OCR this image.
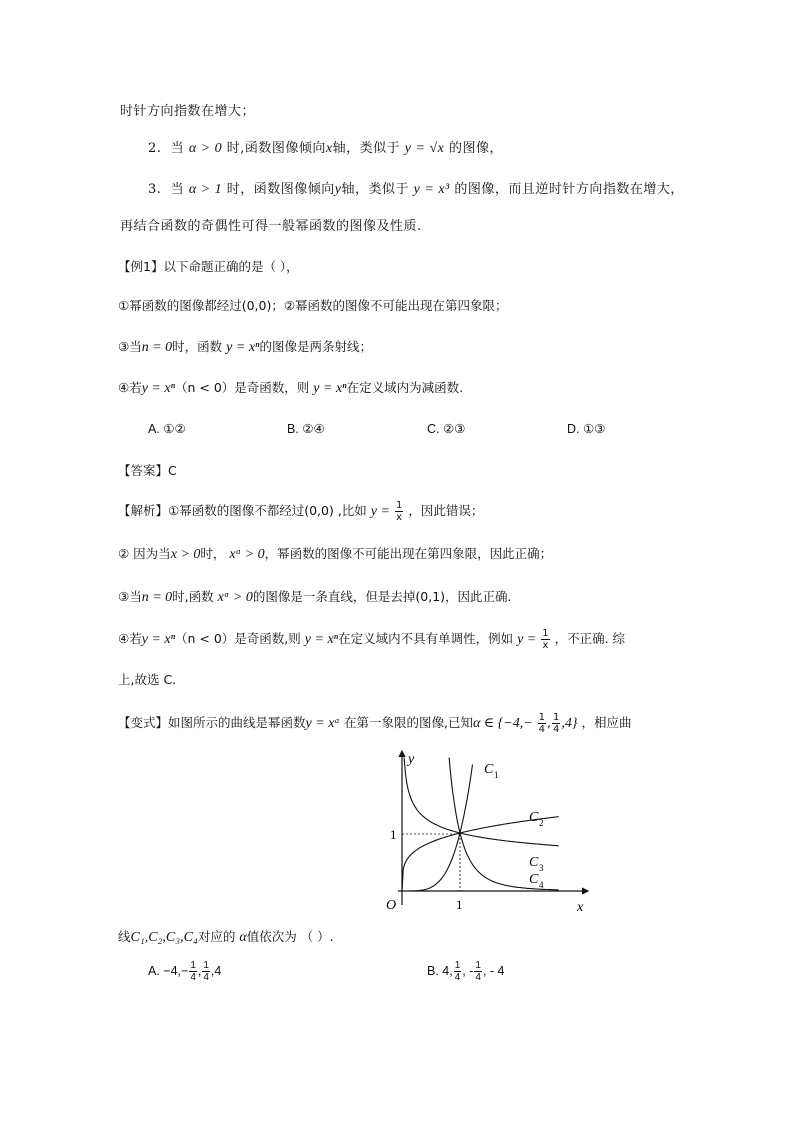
时针方向指数在增大；
2. 当 α > 0 时,函数图像倾向x轴，类似于 y = √x 的图像，
3. 当 α > 1 时，函数图像倾向y轴，类似于 y = x³ 的图像，而且逆时针方向指数在增大，
再结合函数的奇偶性可得一般幂函数的图像及性质.
【例1】以下命题正确的是（ ），
①幂函数的图像都经过(0,0)；②幂函数的图像不可能出现在第四象限；
③当n = 0时，函数 y = xⁿ的图像是两条射线；
④若y = xⁿ（n < 0）是奇函数，则 y = xⁿ在定义域内为减函数.
A. ①②	B. ②④	C. ②③	D. ①③
【答案】C
【解析】①幂函数的图像不都经过(0,0) ,比如 $y = \frac{1}{x}$ ，因此错误；
② 因为当x > 0时， xᵅ > 0，幂函数的图像不可能出现在第四象限，因此正确；
③当n = 0时,函数 xᵅ > 0的图像是一条直线，但是去掉(0,1)，因此正确.
④若y = xⁿ（n < 0）是奇函数,则 y = xⁿ在定义域内不具有单调性，例如 $y = \frac{1}{x}$ ，不正确. 综
上,故选 C.
【变式】如图所示的曲线是幂函数y = xᵅ 在第一象限的图像,已知α ∈ {$-4,- \frac{1}{4}$ , $\frac{1}{4} ,4$} ，相应曲
y
x
O	1
1
C 1
C 2
C 3
C 4
线C₁,C₂,C₃,C₄对应的 α值依次为 （ ）.
A. $-4,- \frac{1}{4}$ , $\frac{1}{4} ,4$	B. 4, $\frac{1}{4}$ , - $\frac{1}{4}$ , - 4
